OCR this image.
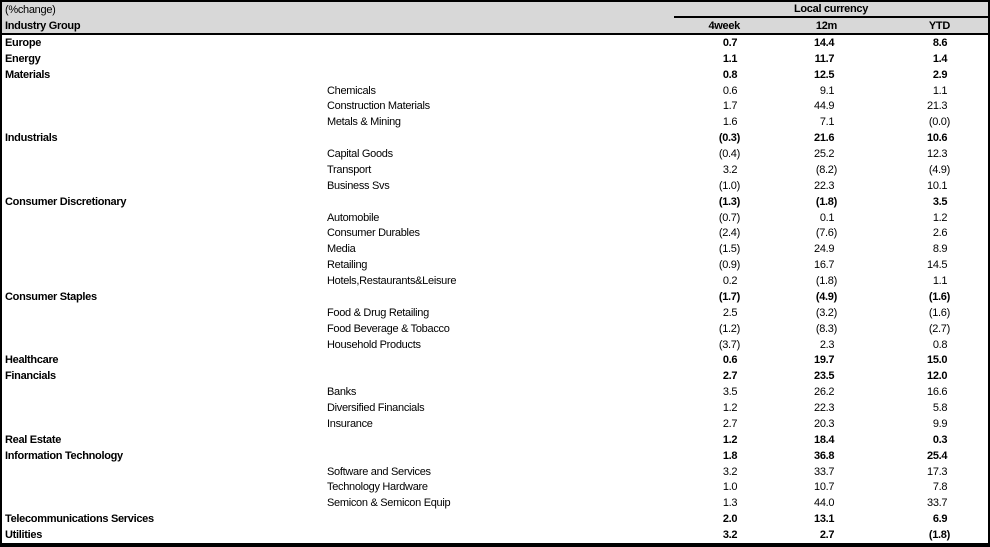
(%change)
Industry Group
Local currency
4week	12m	YTD
Europe	0.7	14.4	8.6
Energy	1.1	11.7	1.4
Materials	0.8	12.5	2.9
Chemicals	0.6	9.1	1.1
Construction Materials	1.7	44.9	21.3
Metals & Mining	1.6	7.1	(0.0)
Industrials	(0.3)	21.6	10.6
Capital Goods	(0.4)	25.2	12.3
Transport	3.2	(8.2)	(4.9)
Business Svs	(1.0)	22.3	10.1
Consumer Discretionary	(1.3)	(1.8)	3.5
Automobile	(0.7)	0.1	1.2
Consumer Durables	(2.4)	(7.6)	2.6
Media	(1.5)	24.9	8.9
Retailing	(0.9)	16.7	14.5
Hotels,Restaurants&Leisure	0.2	(1.8)	1.1
Consumer Staples	(1.7)	(4.9)	(1.6)
Food & Drug Retailing	2.5	(3.2)	(1.6)
Food Beverage & Tobacco	(1.2)	(8.3)	(2.7)
Household Products	(3.7)	2.3	0.8
Healthcare	0.6	19.7	15.0
Financials	2.7	23.5	12.0
Banks	3.5	26.2	16.6
Diversified Financials	1.2	22.3	5.8
Insurance	2.7	20.3	9.9
Real Estate	1.2	18.4	0.3
Information Technology	1.8	36.8	25.4
Software and Services	3.2	33.7	17.3
Technology Hardware	1.0	10.7	7.8
Semicon & Semicon Equip	1.3	44.0	33.7
Telecommunications Services	2.0	13.1	6.9
Utilities	3.2	2.7	(1.8)
